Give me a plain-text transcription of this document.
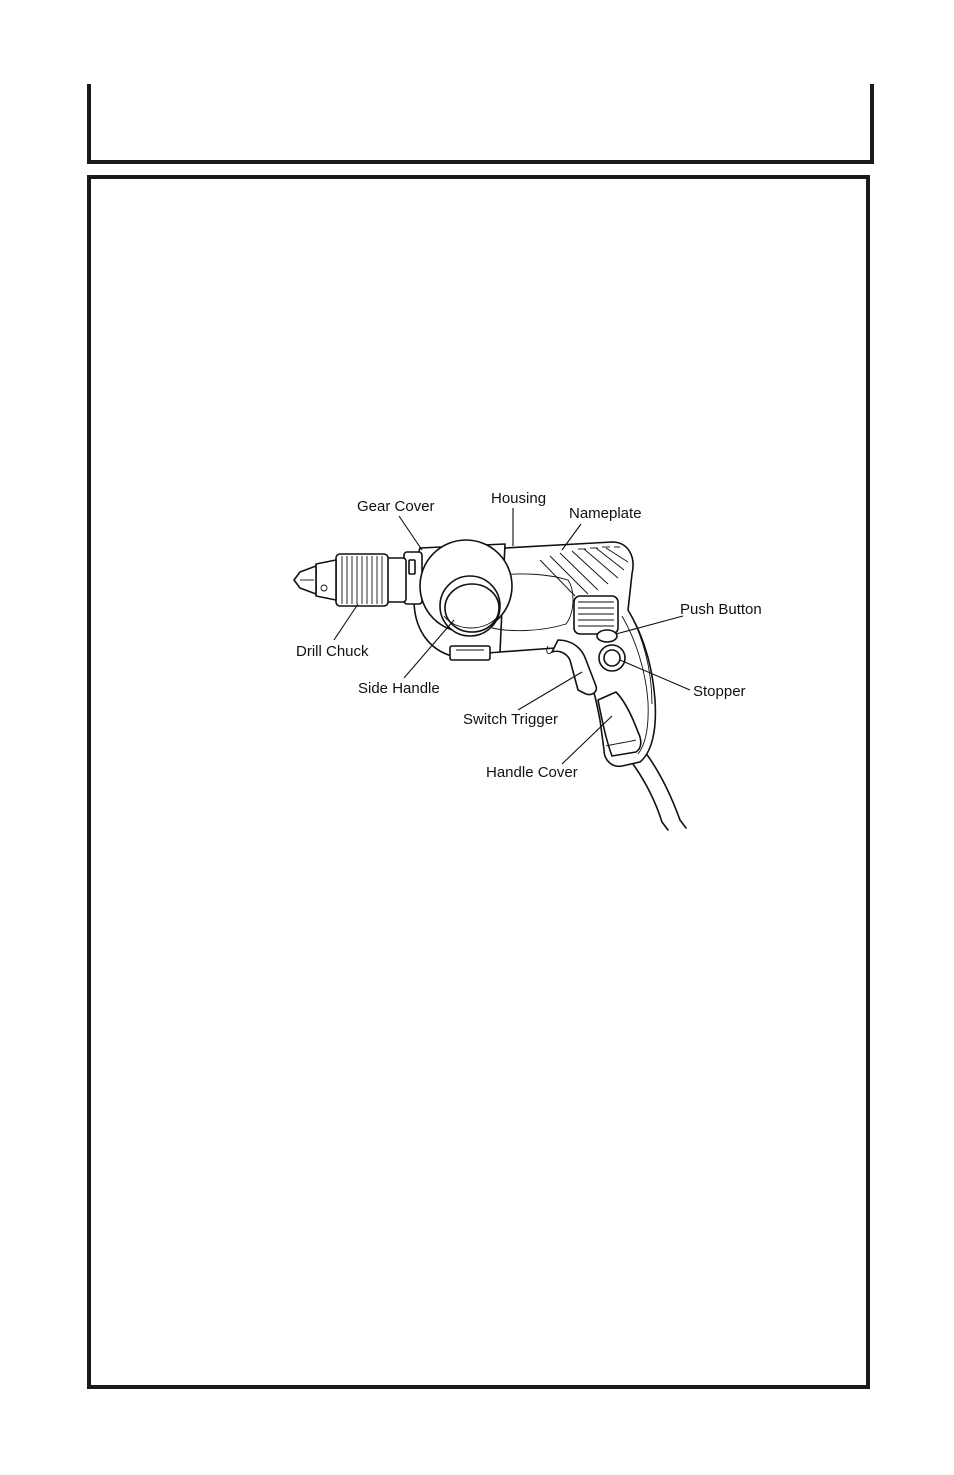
Gear Cover	Housing
Nameplate
Push Button
Drill Chuck
Side Handle	Stopper
Switch Trigger
Handle Cover
